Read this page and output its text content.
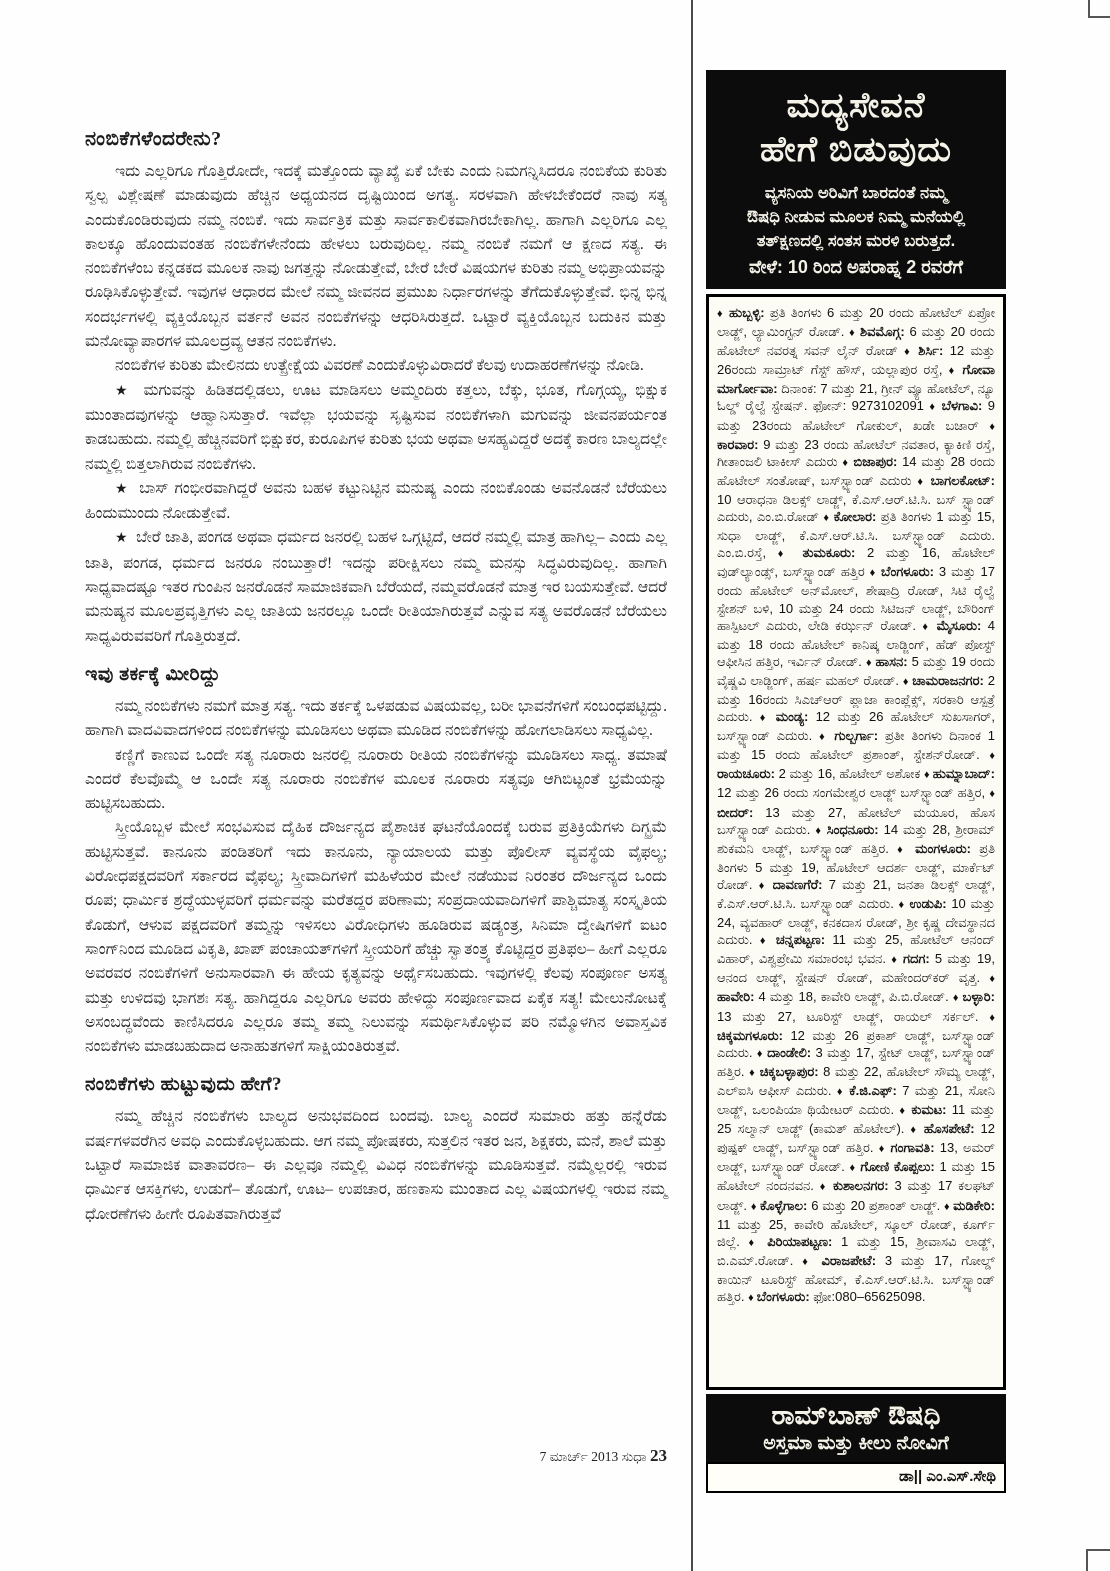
ನಂಬಿಕೆಗಳೆಂದರೇನು?

ಇದು ಎಲ್ಲರಿಗೂ ಗೊತ್ತಿರೋದೇ, ಇದಕ್ಕೆ ಮತ್ತೊಂದು ವ್ಯಾಖ್ಯೆ ಏಕೆ ಬೇಕು ಎಂದು ನಿಮಗನ್ನಿಸಿದರೂ ನಂಬಿಕೆಯ ಕುರಿತು ಸ್ವಲ್ಪ ವಿಶ್ಲೇಷಣೆ ಮಾಡುವುದು ಹೆಚ್ಚಿನ ಅಧ್ಯಯನದ ದೃಷ್ಟಿಯಿಂದ ಅಗತ್ಯ. ಸರಳವಾಗಿ ಹೇಳಬೇಕೆಂದರೆ ನಾವು ಸತ್ಯ ಎಂದುಕೊಂಡಿರುವುದು ನಮ್ಮ ನಂಬಿಕೆ. ಇದು ಸಾರ್ವತ್ರಿಕ ಮತ್ತು ಸಾರ್ವಕಾಲಿಕವಾಗಿರಬೇಕಾಗಿಲ್ಲ. ಹಾಗಾಗಿ ಎಲ್ಲರಿಗೂ ಎಲ್ಲ ಕಾಲಕ್ಕೂ ಹೊಂದುವಂತಹ ನಂಬಿಕೆಗಳೇನೆಂದು ಹೇಳಲು ಬರುವುದಿಲ್ಲ. ನಮ್ಮ ನಂಬಿಕೆ ನಮಗೆ ಆ ಕ್ಷಣದ ಸತ್ಯ. ಈ ನಂಬಿಕೆಗಳೆಂಬ ಕನ್ನಡಕದ ಮೂಲಕ ನಾವು ಜಗತ್ತನ್ನು ನೋಡುತ್ತೇವೆ, ಬೇರೆ ಬೇರೆ ವಿಷಯಗಳ ಕುರಿತು ನಮ್ಮ ಅಭಿಪ್ರಾಯವನ್ನು ರೂಢಿಸಿಕೊಳ್ಳುತ್ತೇವೆ. ಇವುಗಳ ಆಧಾರದ ಮೇಲೆ ನಮ್ಮ ಜೀವನದ ಪ್ರಮುಖ ನಿರ್ಧಾರಗಳನ್ನು ತೆಗೆದುಕೊಳ್ಳುತ್ತೇವೆ. ಭಿನ್ನ ಭಿನ್ನ ಸಂದರ್ಭಗಳಲ್ಲಿ ವ್ಯಕ್ತಿಯೊಬ್ಬನ ವರ್ತನೆ ಅವನ ನಂಬಿಕೆಗಳನ್ನು ಆಧರಿಸಿರುತ್ತದೆ. ಒಟ್ಟಾರೆ ವ್ಯಕ್ತಿಯೊಬ್ಬನ ಬದುಕಿನ ಮತ್ತು ಮನೋವ್ಯಾಪಾರಗಳ ಮೂಲದ್ರವ್ಯ ಆತನ ನಂಬಿಕೆಗಳು.

ನಂಬಿಕೆಗಳ ಕುರಿತು ಮೇಲಿನದು ಉತ್ಪ್ರೇಕ್ಷೆಯ ವಿವರಣೆ ಎಂದುಕೊಳ್ಳುವಿರಾದರೆ ಕೆಲವು ಉದಾಹರಣೆಗಳನ್ನು ನೋಡಿ.

★ ಮಗುವನ್ನು ಹಿಡಿತದಲ್ಲಿಡಲು, ಊಟ ಮಾಡಿಸಲು ಅಮ್ಮಂದಿರು ಕತ್ತಲು, ಬೆಕ್ಕು, ಭೂತ, ಗೊಗ್ಗಯ್ಯ, ಭಿಕ್ಷುಕ ಮುಂತಾದವುಗಳನ್ನು ಆಹ್ವಾನಿಸುತ್ತಾರೆ. ಇವೆಲ್ಲಾ ಭಯವನ್ನು ಸೃಷ್ಟಿಸುವ ನಂಬಿಕೆಗಳಾಗಿ ಮಗುವನ್ನು ಜೀವನಪರ್ಯಂತ ಕಾಡಬಹುದು. ನಮ್ಮಲ್ಲಿ ಹೆಚ್ಚಿನವರಿಗೆ ಭಿಕ್ಷುಕರ, ಕುರೂಪಿಗಳ ಕುರಿತು ಭಯ ಅಥವಾ ಅಸಹ್ಯವಿದ್ದರೆ ಅದಕ್ಕೆ ಕಾರಣ ಬಾಲ್ಯದಲ್ಲೇ ನಮ್ಮಲ್ಲಿ ಬಿತ್ತಲಾಗಿರುವ ನಂಬಿಕೆಗಳು.

★ ಬಾಸ್ ಗಂಭೀರವಾಗಿದ್ದರೆ ಅವನು ಬಹಳ ಕಟ್ಟುನಿಟ್ಟಿನ ಮನುಷ್ಯ ಎಂದು ನಂಬಿಕೊಂಡು ಅವನೊಡನೆ ಬೆರೆಯಲು ಹಿಂದುಮುಂದು ನೋಡುತ್ತೇವೆ.

★ ಬೇರೆ ಜಾತಿ, ಪಂಗಡ ಅಥವಾ ಧರ್ಮದ ಜನರಲ್ಲಿ ಬಹಳ ಒಗ್ಗಟ್ಟಿದೆ, ಆದರೆ ನಮ್ಮಲ್ಲಿ ಮಾತ್ರ ಹಾಗಿಲ್ಲ– ಎಂದು ಎಲ್ಲ ಜಾತಿ, ಪಂಗಡ, ಧರ್ಮದ ಜನರೂ ನಂಬುತ್ತಾರೆ! ಇದನ್ನು ಪರೀಕ್ಷಿಸಲು ನಮ್ಮ ಮನಸ್ಸು ಸಿದ್ಧವಿರುವುದಿಲ್ಲ. ಹಾಗಾಗಿ ಸಾಧ್ಯವಾದಷ್ಟೂ ಇತರ ಗುಂಪಿನ ಜನರೊಡನೆ ಸಾಮಾಜಿಕವಾಗಿ ಬೆರೆಯದೆ, ನಮ್ಮವರೊಡನೆ ಮಾತ್ರ ಇರ ಬಯಸುತ್ತೇವೆ. ಆದರೆ ಮನುಷ್ಯನ ಮೂಲಪ್ರವೃತ್ತಿಗಳು ಎಲ್ಲ ಜಾತಿಯ ಜನರಲ್ಲೂ ಒಂದೇ ರೀತಿಯಾಗಿರುತ್ತವೆ ಎನ್ನುವ ಸತ್ಯ ಅವರೊಡನೆ ಬೆರೆಯಲು ಸಾಧ್ಯವಿರುವವರಿಗೆ ಗೊತ್ತಿರುತ್ತದೆ.

ಇವು ತರ್ಕಕ್ಕೆ ಮೀರಿದ್ದು

ನಮ್ಮ ನಂಬಿಕೆಗಳು ನಮಗೆ ಮಾತ್ರ ಸತ್ಯ. ಇದು ತರ್ಕಕ್ಕೆ ಒಳಪಡುವ ವಿಷಯವಲ್ಲ, ಬರೀ ಭಾವನೆಗಳಿಗೆ ಸಂಬಂಧಪಟ್ಟಿದ್ದು. ಹಾಗಾಗಿ ವಾದವಿವಾದಗಳಿಂದ ನಂಬಿಕೆಗಳನ್ನು ಮೂಡಿಸಲು ಅಥವಾ ಮೂಡಿದ ನಂಬಿಕೆಗಳನ್ನು ಹೋಗಲಾಡಿಸಲು ಸಾಧ್ಯವಿಲ್ಲ.

ಕಣ್ಣಿಗೆ ಕಾಣುವ ಒಂದೇ ಸತ್ಯ ನೂರಾರು ಜನರಲ್ಲಿ ನೂರಾರು ರೀತಿಯ ನಂಬಿಕೆಗಳನ್ನು ಮೂಡಿಸಲು ಸಾಧ್ಯ. ತಮಾಷೆ ಎಂದರೆ ಕೆಲವೊಮ್ಮೆ ಆ ಒಂದೇ ಸತ್ಯ ನೂರಾರು ನಂಬಿಕೆಗಳ ಮೂಲಕ ನೂರಾರು ಸತ್ಯವೂ ಆಗಿಬಿಟ್ಟಂತೆ ಭ್ರಮೆಯನ್ನು ಹುಟ್ಟಿಸಬಹುದು.

ಸ್ತ್ರೀಯೊಬ್ಬಳ ಮೇಲೆ ಸಂಭವಿಸುವ ದೈಹಿಕ ದೌರ್ಜನ್ಯದ ಪೈಶಾಚಿಕ ಘಟನೆಯೊಂದಕ್ಕೆ ಬರುವ ಪ್ರತಿಕ್ರಿಯೆಗಳು ದಿಗ್ಭ್ರಮೆ ಹುಟ್ಟಿಸುತ್ತವೆ. ಕಾನೂನು ಪಂಡಿತರಿಗೆ ಇದು ಕಾನೂನು, ನ್ಯಾಯಾಲಯ ಮತ್ತು ಪೊಲೀಸ್ ವ್ಯವಸ್ಥೆಯ ವೈಫಲ್ಯ; ವಿರೋಧಪಕ್ಷದವರಿಗೆ ಸರ್ಕಾರದ ವೈಫಲ್ಯ; ಸ್ತ್ರೀವಾದಿಗಳಿಗೆ ಮಹಿಳೆಯರ ಮೇಲೆ ನಡೆಯುವ ನಿರಂತರ ದೌರ್ಜನ್ಯದ ಒಂದು ರೂಪ; ಧಾರ್ಮಿಕ ಶ್ರದ್ಧೆಯುಳ್ಳವರಿಗೆ ಧರ್ಮವನ್ನು ಮರೆತದ್ದರ ಪರಿಣಾಮ; ಸಂಪ್ರದಾಯವಾದಿಗಳಿಗೆ ಪಾಶ್ಚಿಮಾತ್ಯ ಸಂಸ್ಕೃತಿಯ ಕೊಡುಗೆ, ಆಳುವ ಪಕ್ಷದವರಿಗೆ ತಮ್ಮನ್ನು ಇಳಿಸಲು ವಿರೋಧಿಗಳು ಹೂಡಿರುವ ಷಡ್ಯಂತ್ರ, ಸಿನಿಮಾ ದ್ವೇಷಿಗಳಿಗೆ ಐಟಂ ಸಾಂಗ್‌ನಿಂದ ಮೂಡಿದ ವಿಕೃತಿ, ಖಾಪ್ ಪಂಚಾಯತ್‌ಗಳಿಗೆ ಸ್ತ್ರೀಯರಿಗೆ ಹೆಚ್ಚು ಸ್ವಾತಂತ್ರ್ಯ ಕೊಟ್ಟಿದ್ದರ ಪ್ರತಿಫಲ– ಹೀಗೆ ಎಲ್ಲರೂ ಅವರವರ ನಂಬಿಕೆಗಳಿಗೆ ಅನುಸಾರವಾಗಿ ಈ ಹೇಯ ಕೃತ್ಯವನ್ನು ಅರ್ಥೈಸಬಹುದು. ಇವುಗಳಲ್ಲಿ ಕೆಲವು ಸಂಪೂರ್ಣ ಅಸತ್ಯ ಮತ್ತು ಉಳಿದವು ಭಾಗಶಃ ಸತ್ಯ. ಹಾಗಿದ್ದರೂ ಎಲ್ಲರಿಗೂ ಅವರು ಹೇಳಿದ್ದು ಸಂಪೂರ್ಣವಾದ ಏಕೈಕ ಸತ್ಯ! ಮೇಲುನೋಟಕ್ಕೆ ಅಸಂಬದ್ಧವೆಂದು ಕಾಣಿಸಿದರೂ ಎಲ್ಲರೂ ತಮ್ಮ ತಮ್ಮ ನಿಲುವನ್ನು ಸಮರ್ಥಿಸಿಕೊಳ್ಳುವ ಪರಿ ನಮ್ಮೊಳಗಿನ ಅವಾಸ್ತವಿಕ ನಂಬಿಕೆಗಳು ಮಾಡಬಹುದಾದ ಅನಾಹುತಗಳಿಗೆ ಸಾಕ್ಷಿಯಂತಿರುತ್ತವೆ.

ನಂಬಿಕೆಗಳು ಹುಟ್ಟುವುದು ಹೇಗೆ?

ನಮ್ಮ ಹೆಚ್ಚಿನ ನಂಬಿಕೆಗಳು ಬಾಲ್ಯದ ಅನುಭವದಿಂದ ಬಂದವು. ಬಾಲ್ಯ ಎಂದರೆ ಸುಮಾರು ಹತ್ತು ಹನ್ನೆರೆಡು ವರ್ಷಗಳವರೆಗಿನ ಅವಧಿ ಎಂದುಕೊಳ್ಳಬಹುದು. ಆಗ ನಮ್ಮ ಪೋಷಕರು, ಸುತ್ತಲಿನ ಇತರ ಜನ, ಶಿಕ್ಷಕರು, ಮನೆ, ಶಾಲೆ ಮತ್ತು ಒಟ್ಟಾರೆ ಸಾಮಾಜಿಕ ವಾತಾವರಣ– ಈ ಎಲ್ಲವೂ ನಮ್ಮಲ್ಲಿ ವಿವಿಧ ನಂಬಿಕೆಗಳನ್ನು ಮೂಡಿಸುತ್ತವೆ. ನಮ್ಮೆಲ್ಲರಲ್ಲಿ ಇರುವ ಧಾರ್ಮಿಕ ಆಸಕ್ತಿಗಳು, ಉಡುಗೆ– ತೊಡುಗೆ, ಊಟ– ಉಪಚಾರ, ಹಣಕಾಸು ಮುಂತಾದ ಎಲ್ಲ ವಿಷಯಗಳಲ್ಲಿ ಇರುವ ನಮ್ಮ ಧೋರಣೆಗಳು ಹೀಗೇ ರೂಪಿತವಾಗಿರುತ್ತವೆ

7 ಮಾರ್ಚ್ 2013 ಸುಧಾ 23
ಮದ್ಯಸೇವನೆ
ಹೇಗೆ ಬಿಡುವುದು
ವ್ಯಸನಿಯ ಅರಿವಿಗೆ ಬಾರದಂತೆ ನಮ್ಮ
ಔಷಧಿ ನೀಡುವ ಮೂಲಕ ನಿಮ್ಮ ಮನೆಯಲ್ಲಿ
ತತ್‌ಕ್ಷಣದಲ್ಲಿ ಸಂತಸ ಮರಳಿ ಬರುತ್ತದೆ.
ವೇಳೆ: 10 ರಿಂದ ಅಪರಾಹ್ನ 2 ರವರೆಗೆ
♦ ಹುಬ್ಬಳ್ಳಿ: ಪ್ರತಿ ತಿಂಗಳು 6 ಮತ್ತು 20 ರಂದು ಹೋಟೆಲ್ ಏಪ್ರೋ ಲಾಡ್ಜ್, ಲ್ಯಾಮಿಂಗ್ಟನ್ ರೋಡ್. ♦ ಶಿವಮೊಗ್ಗ: 6 ಮತ್ತು 20 ರಂದು ಹೊಟೇಲ್ ನವರತ್ನ ಸವನ್ ಲೈನ್ ರೋಡ್ ♦ ಶಿರ್ಸಿ: 12 ಮತ್ತು 26ರಂದು ಸಾಮ್ರಾಟ್ ಗೆಸ್ಟ್ ಹೌಸ್, ಯಲ್ಲಾಪುರ ರಸ್ತೆ, ♦ ಗೋವಾ ಮಾರ್ಗೋವಾ: ದಿನಾಂಕ: 7 ಮತ್ತು 21, ಗ್ರೀನ್ ವ್ಯೂ ಹೋಟೆಲ್, ನ್ಯೂ ಓಲ್ಡ್ ರೈಲ್ವೆ ಸ್ಟೇಷನ್. ಫೋನ್: 9273102091 ♦ ಬೆಳಗಾವಿ: 9 ಮತ್ತು 23ರಂದು ಹೊಟೇಲ್ ಗೋಕುಲ್, ಖಡೇ ಬಜಾರ್ ♦ ಕಾರವಾರ: 9 ಮತ್ತು 23 ರಂದು ಹೋಟೆಲ್ ನವತಾರ, ಕ್ಯಾಕಿಣಿ ರಸ್ತೆ, ಗೀತಾಂಜಲಿ ಟಾಕೀಸ್ ಎದುರು ♦ ಬಿಜಾಪುರ: 14 ಮತ್ತು 28 ರಂದು ಹೊಟೇಲ್ ಸಂತೋಷ್, ಬಸ್‌ಸ್ಟ್ಯಾಂಡ್ ಎದುರು ♦ ಬಾಗಲಕೋಟ್: 10 ಆರಾಧನಾ ಡಿಲಕ್ಸ್ ಲಾಡ್ಜ್, ಕೆ.ಎಸ್.ಆರ್.ಟಿ.ಸಿ. ಬಸ್ ಸ್ಟ್ಯಾಂಡ್ ಎದುರು, ಎಂ.ಬಿ.ರೋಡ್ ♦ ಕೋಲಾರ: ಪ್ರತಿ ತಿಂಗಳು 1 ಮತ್ತು 15, ಸುಧಾ ಲಾಡ್ಜ್, ಕೆ.ಎಸ್.ಆರ್.ಟಿ.ಸಿ. ಬಸ್‌ಸ್ಟ್ಯಾಂಡ್ ಎದುರು. ಎಂ.ಬಿ.ರಸ್ತೆ, ♦ ತುಮಕೂರು: 2 ಮತ್ತು 16, ಹೊಟೇಲ್ ವುಡ್‌ಲ್ಯಾಂಡ್ಸ್, ಬಸ್‌ಸ್ಟ್ಯಾಂಡ್ ಹತ್ತಿರ ♦ ಬೆಂಗಳೂರು: 3 ಮತ್ತು 17 ರಂದು ಹೊಟೇಲ್ ಅನ್‌ಮೋಲ್, ಶೇಷಾದ್ರಿ ರೋಡ್, ಸಿಟಿ ರೈಲ್ವೆ ಸ್ಟೇಶನ್ ಬಳಿ, 10 ಮತ್ತು 24 ರಂದು ಸಿಟಿಜನ್ ಲಾಡ್ಜ್, ಬೌರಿಂಗ್ ಹಾಸ್ಪಿಟಲ್ ಎದುರು, ಲೇಡಿ ಕರ್ಝನ್ ರೋಡ್. ♦ ಮೈಸೂರು: 4 ಮತ್ತು 18 ರಂದು ಹೊಟೇಲ್ ಕಾನಿಷ್ಕ ಲಾಡ್ಜಿಂಗ್, ಹೆಡ್ ಪೋಸ್ಟ್ ಆಫೀಸಿನ ಹತ್ತಿರ, ಇರ್ವಿನ್ ರೋಡ್. ♦ ಹಾಸನ: 5 ಮತ್ತು 19 ರಂದು ವೈಷ್ಣವಿ ಲಾಡ್ಜಿಂಗ್, ಹರ್ಷ ಮಹಲ್ ರೋಡ್. ♦ ಚಾಮರಾಜನಗರ: 2 ಮತ್ತು 16ರಂದು ಸಿಎಚ್‌ಆರ್ ಪ್ಲಾಜಾ ಕಾಂಪ್ಲೆಕ್ಸ್, ಸರಕಾರಿ ಆಸ್ಪತ್ರೆ ಎದುರು. ♦ ಮಂಡ್ಯ: 12 ಮತ್ತು 26 ಹೊಟೇಲ್ ಸುಖಸಾಗರ್, ಬಸ್‌ಸ್ಟ್ಯಾಂಡ್ ಎದುರು. ♦ ಗುಲ್ಬರ್ಗಾ: ಪ್ರತೀ ತಿಂಗಳು ದಿನಾಂಕ 1 ಮತ್ತು 15 ರಂದು ಹೊಟೇಲ್ ಪ್ರಶಾಂತ್, ಸ್ಟೇಶನ್‌ರೋಡ್. ♦ ರಾಯಚೂರು: 2 ಮತ್ತು 16, ಹೊಟೇಲ್ ಅಶೋಕ ♦ ಹುಮ್ನಾಬಾದ್: 12 ಮತ್ತು 26 ರಂದು ಸಂಗಮೇಶ್ವರ ಲಾಡ್ಜ್ ಬಸ್‌ಸ್ಟ್ಯಾಂಡ್ ಹತ್ತಿರ, ♦ ಬೀದರ್: 13 ಮತ್ತು 27, ಹೋಟೆಲ್ ಮಯೂರ, ಹೊಸ ಬಸ್‌ಸ್ಟ್ಯಾಂಡ್ ಎದುರು. ♦ ಸಿಂಧನೂರು: 14 ಮತ್ತು 28, ಶ್ರೀರಾಮ್ ಶುಕಮನಿ ಲಾಡ್ಜ್, ಬಸ್‌ಸ್ಟ್ಯಾಂಡ್ ಹತ್ತಿರ. ♦ ಮಂಗಳೂರು: ಪ್ರತಿ ತಿಂಗಳು 5 ಮತ್ತು 19, ಹೊಟೇಲ್ ಆದರ್ಶ ಲಾಡ್ಜ್, ಮಾರ್ಕೆಟ್ ರೋಡ್. ♦ ದಾವಣಗೆರೆ: 7 ಮತ್ತು 21, ಜನತಾ ಡಿಲಕ್ಸ್ ಲಾಡ್ಜ್, ಕೆ.ಎಸ್.ಆರ್.ಟಿ.ಸಿ. ಬಸ್‌ಸ್ಟ್ಯಾಂಡ್ ಎದುರು. ♦ ಉಡುಪಿ: 10 ಮತ್ತು 24, ವ್ಯವಹಾರ್ ಲಾಡ್ಜ್, ಕನಕದಾಸ ರೋಡ್, ಶ್ರೀ ಕೃಷ್ಣ ದೇವಸ್ಥಾನದ ಎದುರು. ♦ ಚನ್ನಪಟ್ಟಣ: 11 ಮತ್ತು 25, ಹೋಟೆಲ್ ಆನಂದ್ ವಿಹಾರ್, ವಿಶ್ವಪ್ರೇಮಿ ಸಮಾರಂಭ ಭವನ. ♦ ಗದಗ: 5 ಮತ್ತು 19, ಆನಂದ ಲಾಡ್ಜ್, ಸ್ಟೇಷನ್ ರೋಡ್, ಮಹೇಂದರ್‌ಕರ್ ವೃತ್ತ. ♦ ಹಾವೇರಿ: 4 ಮತ್ತು 18, ಕಾವೇರಿ ಲಾಡ್ಜ್, ಪಿ.ಬಿ.ರೋಡ್. ♦ ಬಳ್ಳಾರಿ: 13 ಮತ್ತು 27, ಟೂರಿಸ್ಟ್ ಲಾಡ್ಜ್, ರಾಯಲ್ ಸರ್ಕಲ್. ♦ ಚಿಕ್ಕಮಗಳೂರು: 12 ಮತ್ತು 26 ಪ್ರಕಾಶ್ ಲಾಡ್ಜ್, ಬಸ್‌ಸ್ಟ್ಯಾಂಡ್ ಎದುರು. ♦ ದಾಂಡೇಲಿ: 3 ಮತ್ತು 17, ಸ್ಟೇಟ್ ಲಾಡ್ಜ್, ಬಸ್‌ಸ್ಟ್ಯಾಂಡ್ ಹತ್ತಿರ. ♦ ಚಿಕ್ಕಬಳ್ಳಾಪುರ: 8 ಮತ್ತು 22, ಹೊಟೇಲ್ ಸೌಮ್ಯ ಲಾಡ್ಜ್, ಎಲ್‌ಐಸಿ ಆಫೀಸ್ ಎದುರು. ♦ ಕೆ.ಜಿ.ಎಫ್: 7 ಮತ್ತು 21, ಸೋನಿ ಲಾಡ್ಜ್, ಒಲಂಪಿಯಾ ಥಿಯೇಟರ್ ಎದುರು. ♦ ಕುಮಟ: 11 ಮತ್ತು 25 ಸಲ್ಮಾನ್ ಲಾಡ್ಜ್ (ಕಾಮತ್ ಹೊಟೇಲ್). ♦ ಹೊಸಪೇಟೆ: 12 ಪುಷ್ಪಕ್ ಲಾಡ್ಜ್, ಬಸ್‌ಸ್ಟ್ಯಾಂಡ್ ಹತ್ತಿರ. ♦ ಗಂಗಾವತಿ: 13, ಅಮರ್ ಲಾಡ್ಜ್, ಬಸ್‌ಸ್ಟ್ಯಾಂಡ್ ರೋಡ್. ♦ ಗೋಣಿ ಕೊಪ್ಪಲು: 1 ಮತ್ತು 15 ಹೊಟೇಲ್ ನಂದನವನ. ♦ ಕುಶಾಲನಗರ: 3 ಮತ್ತು 17 ಕಲಘಟ್ ಲಾಡ್ಜ್. ♦ ಕೊಳ್ಳೆಗಾಲ: 6 ಮತ್ತು 20 ಪ್ರಶಾಂತ್ ಲಾಡ್ಜ್. ♦ ಮಡಿಕೇರಿ: 11 ಮತ್ತು 25, ಕಾವೇರಿ ಹೊಟೇಲ್, ಸ್ಕೂಲ್ ರೋಡ್, ಕೂರ್ಗ್ ಜಿಲ್ಲೆ. ♦ ಪಿರಿಯಾಪಟ್ಟಣ: 1 ಮತ್ತು 15, ಶ್ರೀವಾಸವಿ ಲಾಡ್ಜ್, ಬಿ.ಎಮ್.ರೋಡ್. ♦ ವಿರಾಜಪೇಟೆ: 3 ಮತ್ತು 17, ಗೋಲ್ಡ್ ಕಾಯಿನ್ ಟೂರಿಸ್ಟ್ ಹೋಮ್, ಕೆ.ಎಸ್.ಆರ್.ಟಿ.ಸಿ. ಬಸ್‌ಸ್ಟ್ಯಾಂಡ್ ಹತ್ತಿರ. ♦ ಬೆಂಗಳೂರು: ಫೋ:080–65625098.
ರಾಮ್‌ಬಾಣ್ ಔಷಧಿ
ಅಸ್ತಮಾ ಮತ್ತು ಕೀಲು ನೋವಿಗೆ
ಡಾ|| ಎಂ.ಎಸ್.ಸೇಥಿ
